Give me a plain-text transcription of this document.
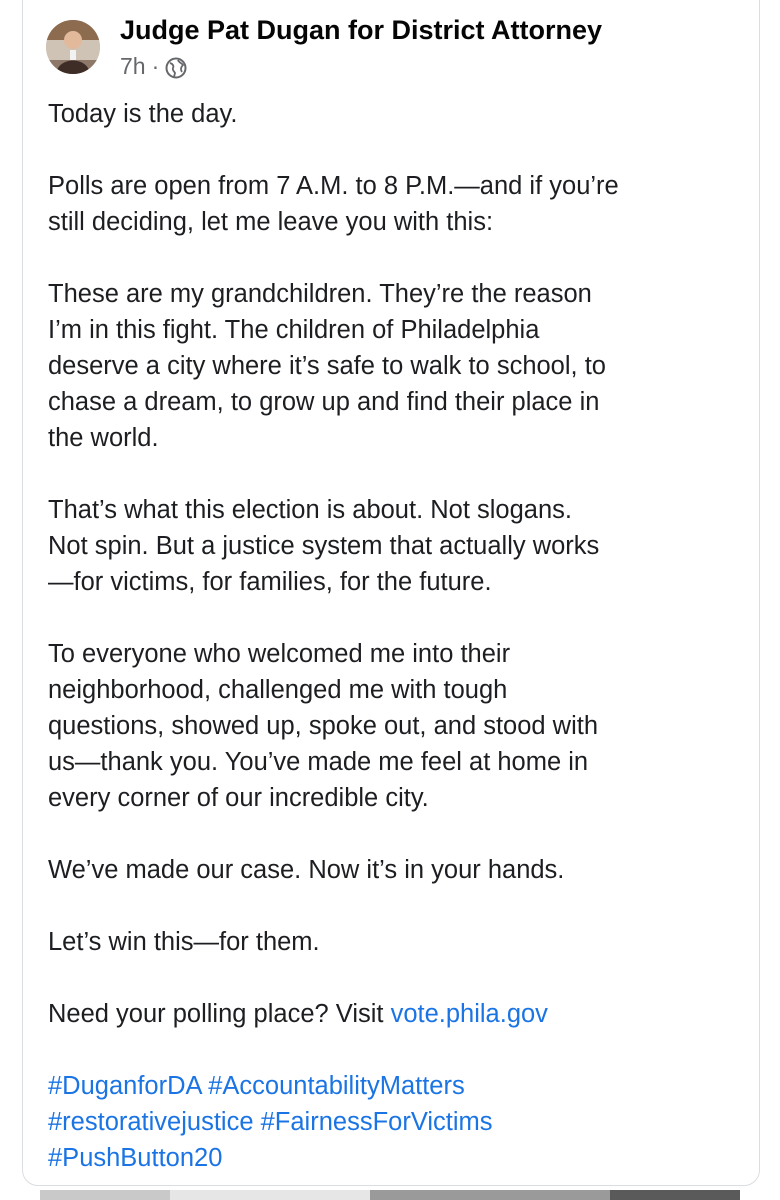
Judge Pat Dugan for District Attorney
7h ·

Today is the day.

Polls are open from 7 A.M. to 8 P.M.—and if you’re
still deciding, let me leave you with this:

These are my grandchildren. They’re the reason
I’m in this fight. The children of Philadelphia
deserve a city where it’s safe to walk to school, to
chase a dream, to grow up and find their place in
the world.

That’s what this election is about. Not slogans.
Not spin. But a justice system that actually works
—for victims, for families, for the future.

To everyone who welcomed me into their
neighborhood, challenged me with tough
questions, showed up, spoke out, and stood with
us—thank you. You’ve made me feel at home in
every corner of our incredible city.

We’ve made our case. Now it’s in your hands.

Let’s win this—for them.

Need your polling place? Visit vote.phila.gov

#DuganforDA #AccountabilityMatters
#restorativejustice #FairnessForVictims
#PushButton20
